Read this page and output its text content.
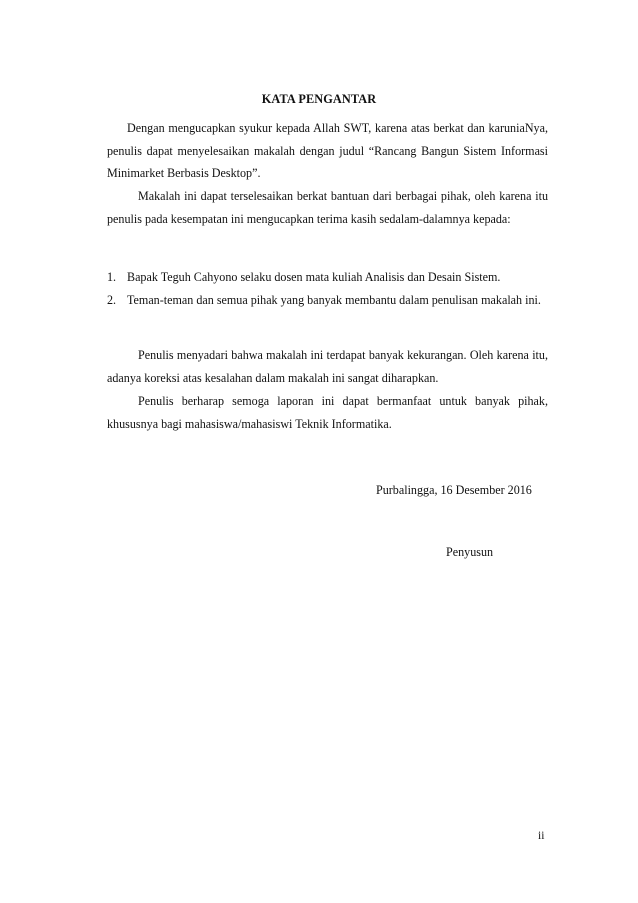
KATA PENGANTAR

Dengan mengucapkan syukur kepada Allah SWT, karena atas berkat dan karuniaNya, penulis dapat menyelesaikan makalah dengan judul “Rancang Bangun Sistem Informasi Minimarket Berbasis Desktop”.

Makalah ini dapat terselesaikan berkat bantuan dari berbagai pihak, oleh karena itu penulis pada kesempatan ini mengucapkan terima kasih sedalam-dalamnya kepada:

1. Bapak Teguh Cahyono selaku dosen mata kuliah Analisis dan Desain Sistem.
2. Teman-teman dan semua pihak yang banyak membantu dalam penulisan makalah ini.

Penulis menyadari bahwa makalah ini terdapat banyak kekurangan. Oleh karena itu, adanya koreksi atas kesalahan dalam makalah ini sangat diharapkan.

Penulis berharap semoga laporan ini dapat bermanfaat untuk banyak pihak, khususnya bagi mahasiswa/mahasiswi Teknik Informatika.

Purbalingga, 16 Desember 2016
Penyusun
ii
